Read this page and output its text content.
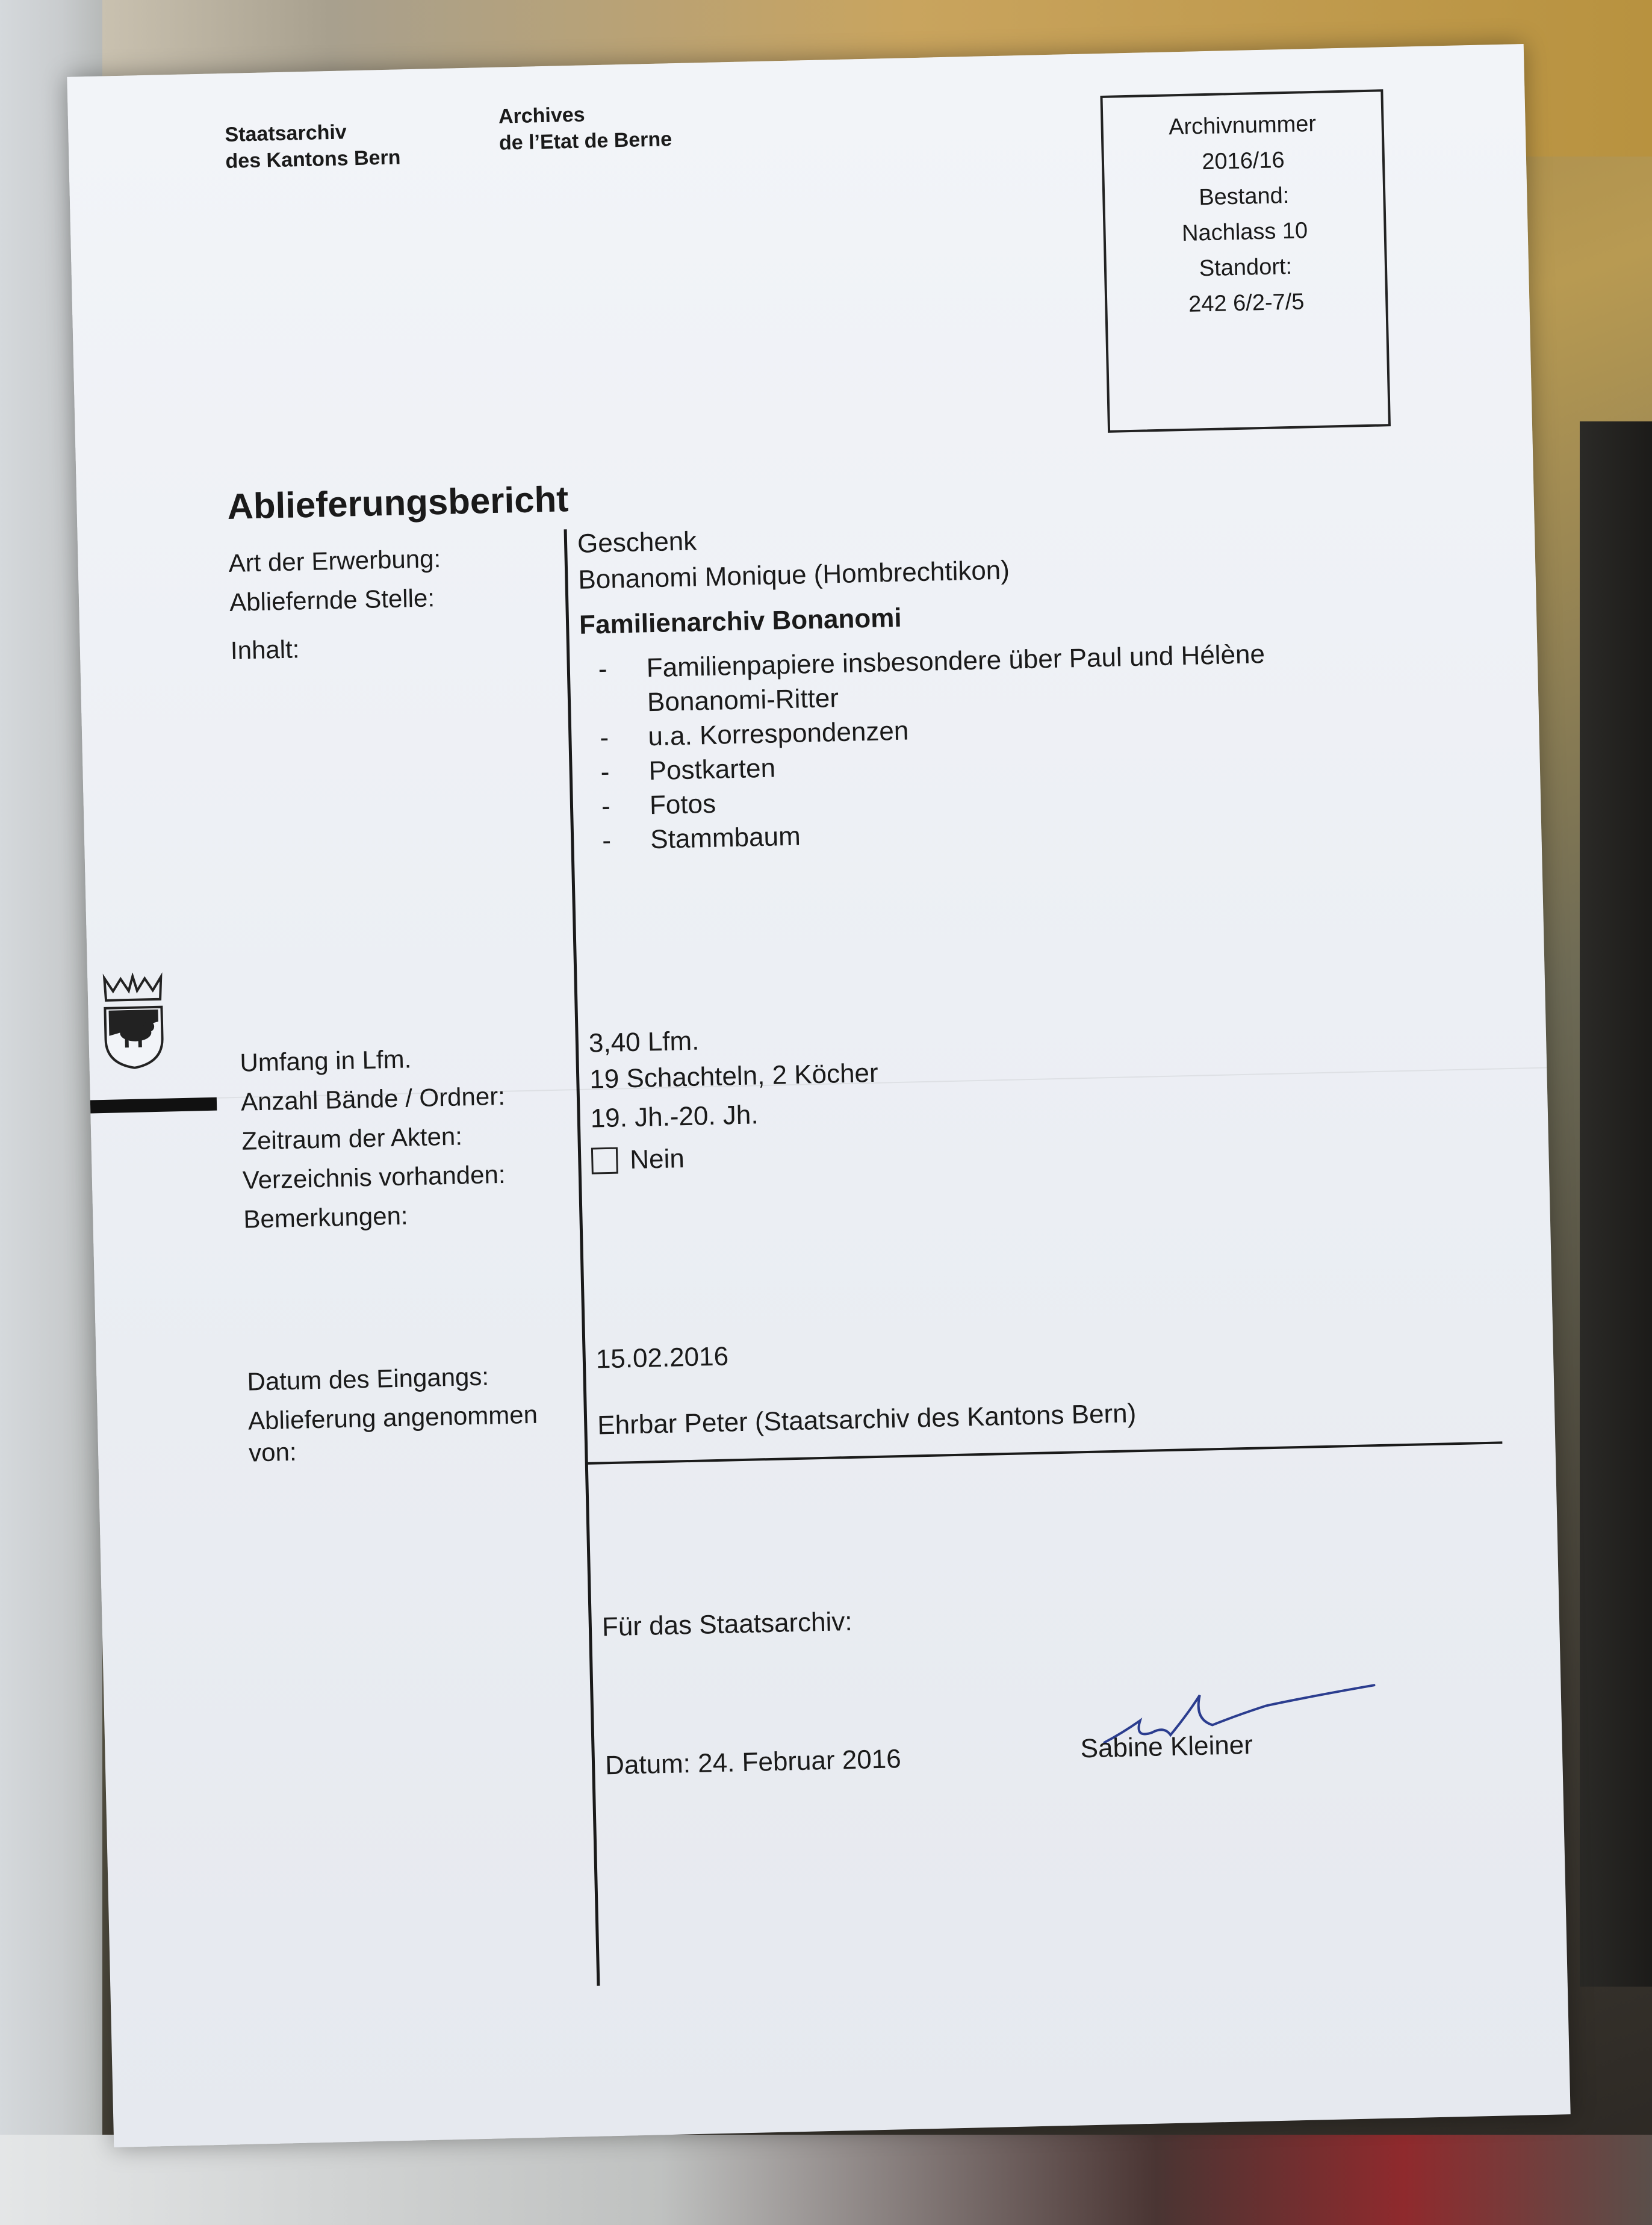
Staatsarchiv
des Kantons Bern
Archives
de l’Etat de Berne
Archivnummer
2016/16
Bestand:
Nachlass 10
Standort:
242 6/2-7/5
Ablieferungsbericht
Art der Erwerbung:
Geschenk
Abliefernde Stelle:
Bonanomi Monique (Hombrechtikon)
Inhalt:
Familienarchiv Bonanomi
- Familienpapiere insbesondere über Paul und Hélène
Bonanomi-Ritter
- u.a. Korrespondenzen
- Postkarten
- Fotos
- Stammbaum
Umfang in Lfm.
3,40 Lfm.
Anzahl Bände / Ordner:
19 Schachteln, 2 Köcher
Zeitraum der Akten:
19. Jh.-20. Jh.
Verzeichnis vorhanden:
Nein
Bemerkungen:
Datum des Eingangs:
15.02.2016
Ablieferung angenommen
von:
Ehrbar Peter (Staatsarchiv des Kantons Bern)
Für das Staatsarchiv:
Datum: 24. Februar 2016	Sabine Kleiner
